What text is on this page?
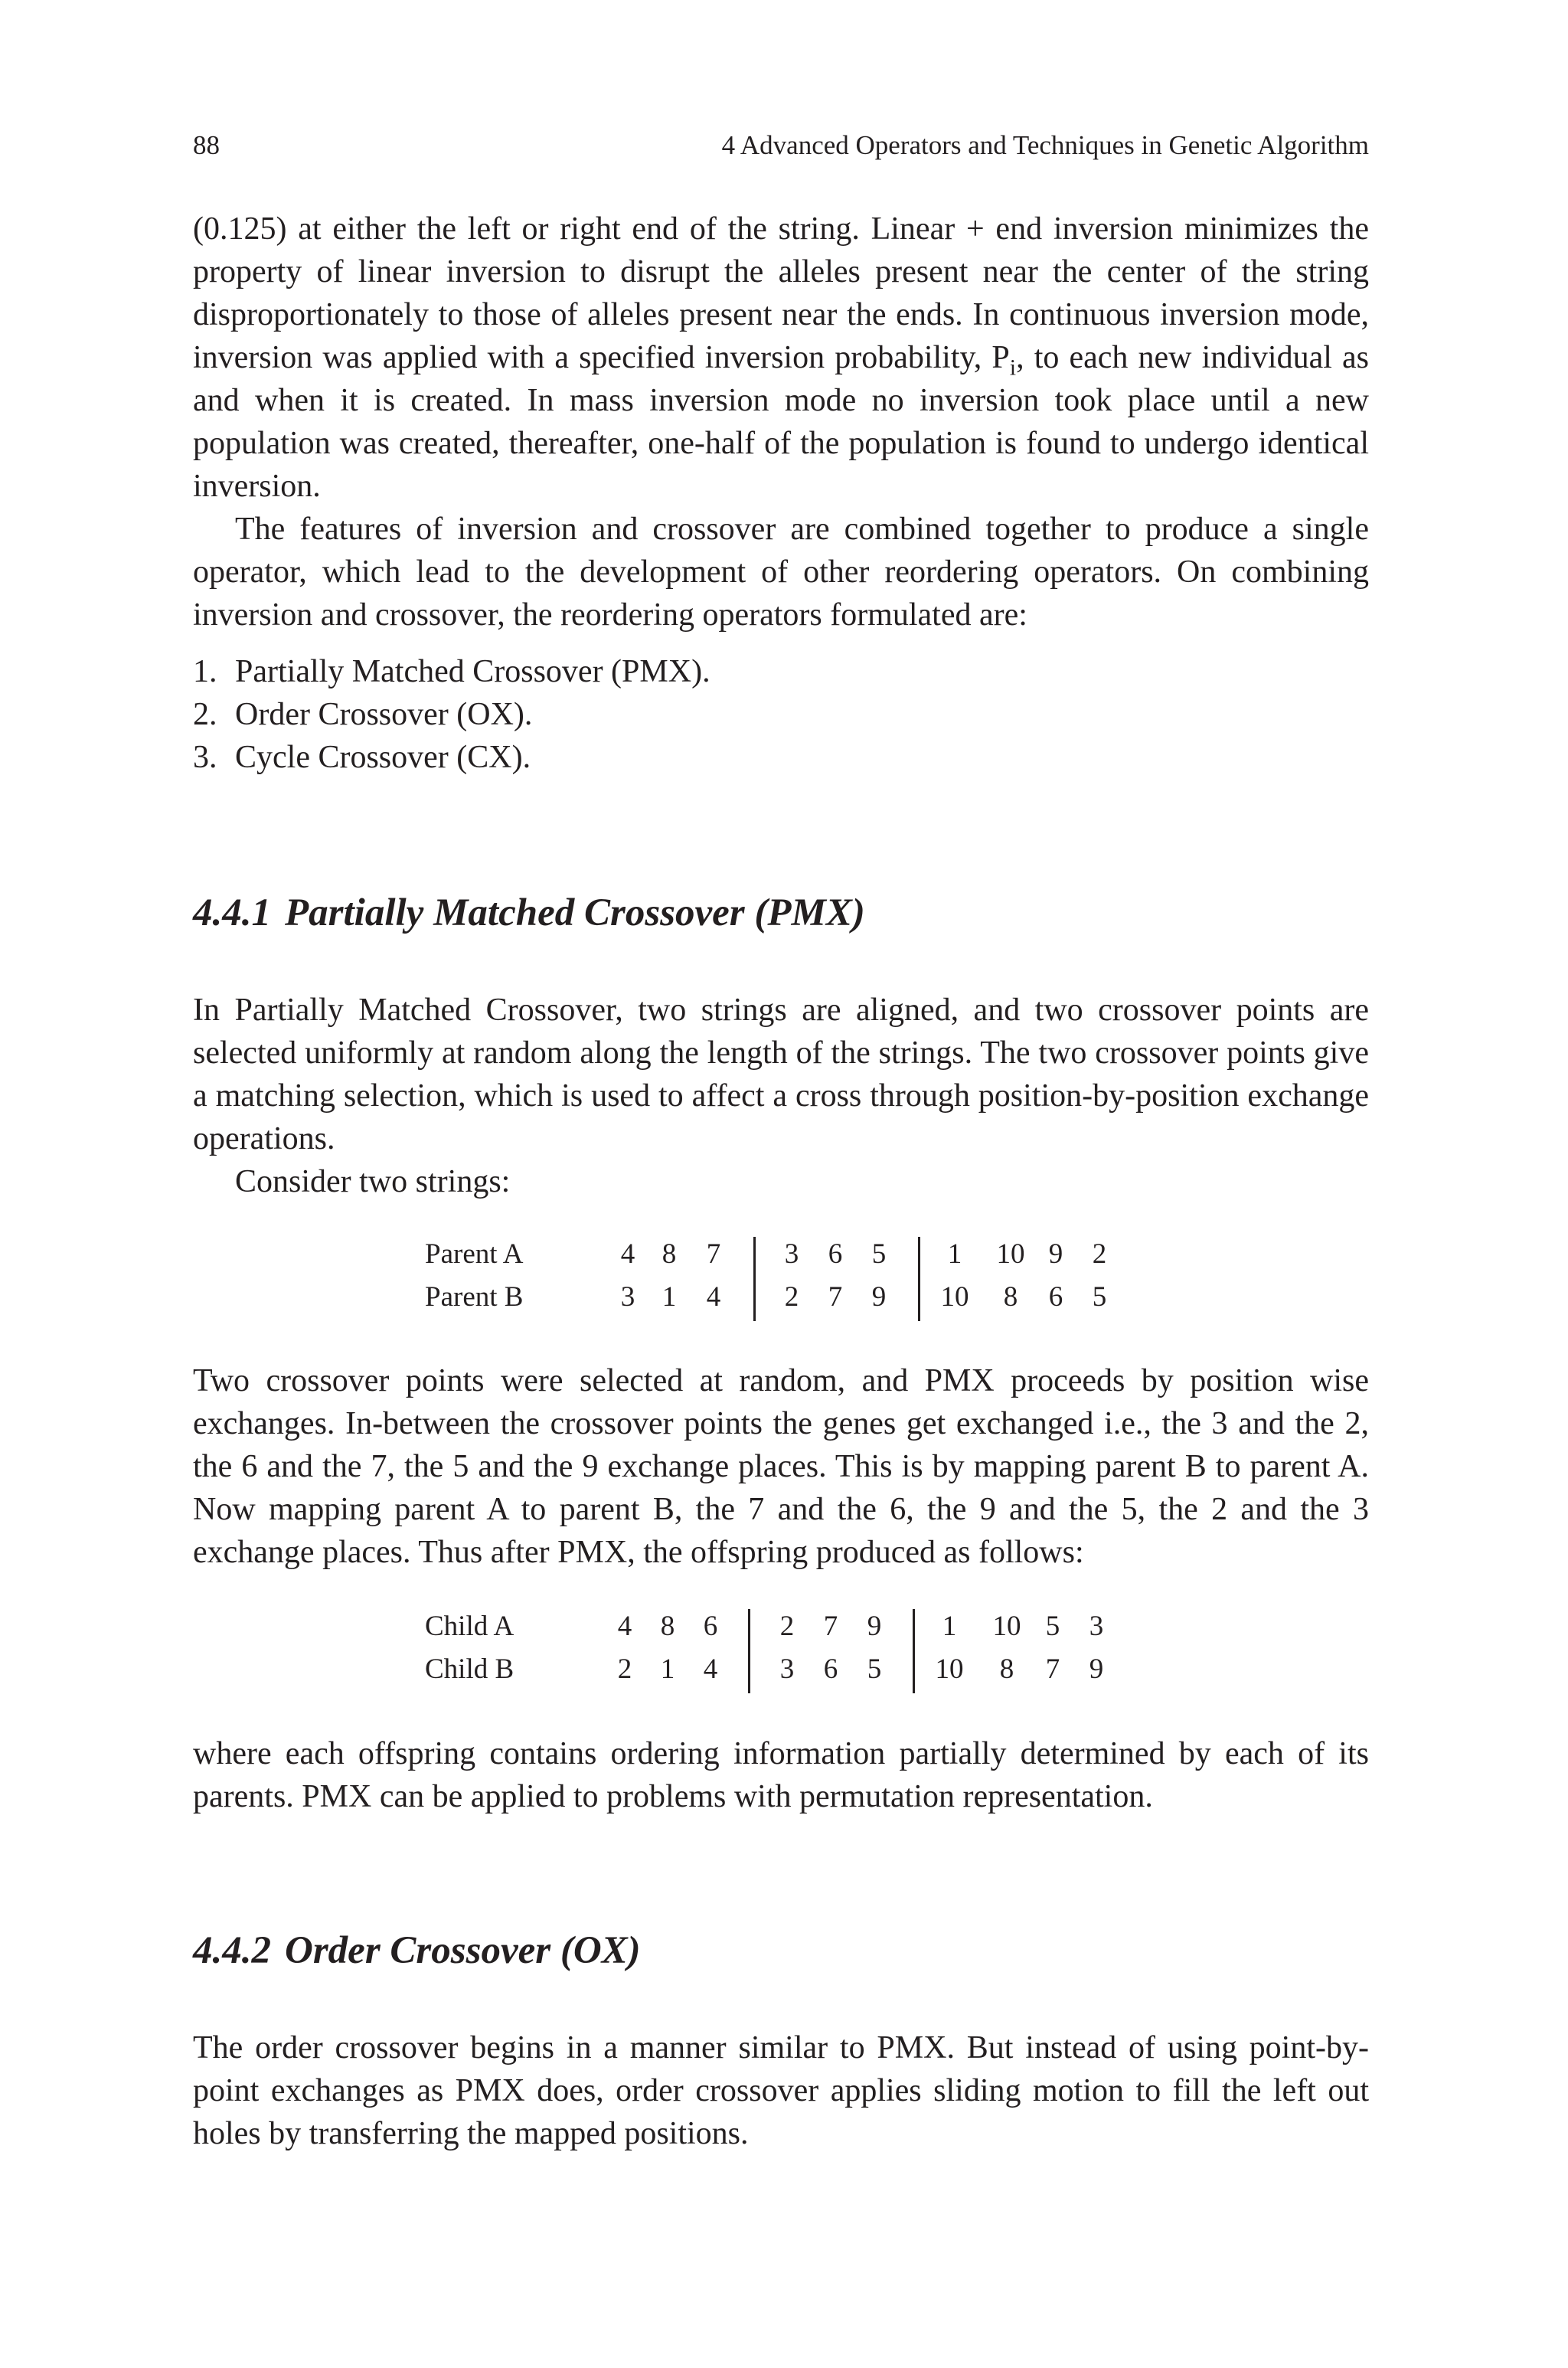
88	4 Advanced Operators and Techniques in Genetic Algorithm

(0.125) at either the left or right end of the string. Linear + end inversion minimizes the property of linear inversion to disrupt the alleles present near the center of the string disproportionately to those of alleles present near the ends. In continuous inversion mode, inversion was applied with a specified inversion probability, $P_i$, to each new individual as and when it is created. In mass inversion mode no inversion took place until a new population was created, thereafter, one-half of the population is found to undergo identical inversion.

The features of inversion and crossover are combined together to produce a single operator, which lead to the development of other reordering operators. On combining inversion and crossover, the reordering operators formulated are:

1. Partially Matched Crossover (PMX).
2. Order Crossover (OX).
3. Cycle Crossover (CX).
4.4.1 Partially Matched Crossover (PMX)

In Partially Matched Crossover, two strings are aligned, and two crossover points are selected uniformly at random along the length of the strings. The two crossover points give a matching selection, which is used to affect a cross through position-by-position exchange operations.

Consider two strings:

Parent A	4 8	7	3	6	5	1	10 9	2
Parent B	3 1	4	2	7	9	10	8	6	5

Two crossover points were selected at random, and PMX proceeds by position wise exchanges. In-between the crossover points the genes get exchanged i.e., the 3 and the 2, the 6 and the 7, the 5 and the 9 exchange places. This is by mapping parent B to parent A. Now mapping parent A to parent B, the 7 and the 6, the 9 and the 5, the 2 and the 3 exchange places. Thus after PMX, the offspring produced as follows:

Child A	4	8	6	2	7	9	1	10 5	3
Child B	2	1	4	3	6	5	10	8	7	9

where each offspring contains ordering information partially determined by each of its parents. PMX can be applied to problems with permutation representation.

4.4.2 Order Crossover (OX)

The order crossover begins in a manner similar to PMX. But instead of using point-by-point exchanges as PMX does, order crossover applies sliding motion to fill the left out holes by transferring the mapped positions.
